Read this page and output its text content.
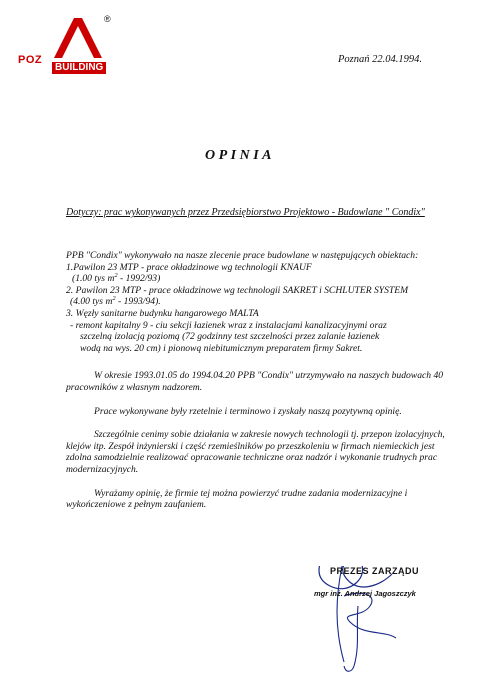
POZ
BUILDING
®
Poznań 22.04.1994.
OPINIA
Dotyczy: prac wykonywanych przez Przedsiębiorstwo Projektowo - Budowlane " Condix"
PPB "Condix" wykonywało na nasze zlecenie prace budowlane w następujących obiektach:
1.Pawilon 23 MTP - prace okładzinowe wg technologii KNAUF
(1.00 tys $m^2 - 1992/93$)
2. Pawilon 23 MTP - prace okładzinowe wg technologii SAKRET i SCHLUTER SYSTEM
(4.00 tys $m^2 - 1993/94$).
3. Węzły sanitarne budynku hangarowego MALTA
- remont kapitalny 9 - ciu sekcji łazienek wraz z instalacjami kanalizacyjnymi oraz
szczelną izolacją poziomą (72 godzinny test szczelności przez zalanie łazienek
wodą na wys. 20 cm) i pionową niebitumicznym preparatem firmy Sakret.
W okresie 1993.01.05 do 1994.04.20 PPB "Condix" utrzymywało na naszych budowach 40 pracowników z własnym nadzorem.
Prace wykonywane były rzetelnie i terminowo i zyskały naszą pozytywną opinię.
Szczególnie cenimy sobie działania w zakresie nowych technologii tj. przepon izolacyjnych, klejów itp. Zespół inżynierski i część rzemieślników po przeszkoleniu w firmach niemieckich jest zdolna samodzielnie realizować opracowanie techniczne oraz nadzór i wykonanie trudnych prac modernizacyjnych.
Wyrażamy opinię, że firmie tej można powierzyć trudne zadania modernizacyjne i wykończeniowe z pełnym zaufaniem.
PREZES ZARZĄDU
mgr inż. Andrzej Jagoszczyk
